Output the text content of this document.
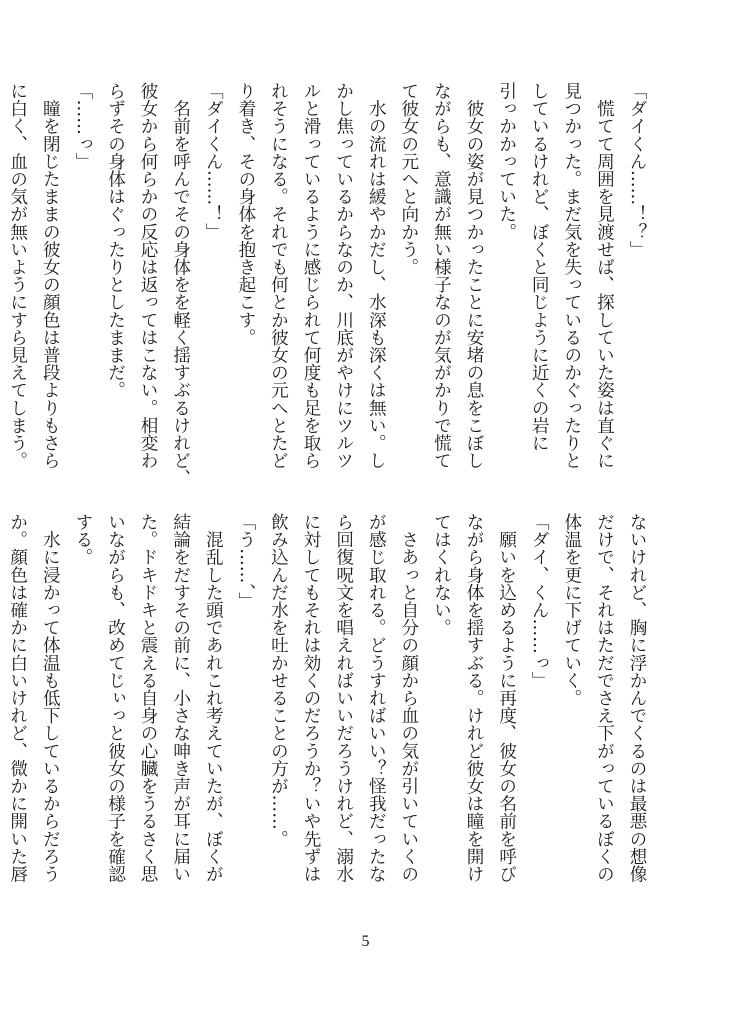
「ダイくん……！？」
　慌てて周囲を見渡せば、探していた姿は直ぐに
見つかった。まだ気を失っているのかぐったりと
しているけれど、ぼくと同じように近くの岩に
引っかかっていた。
　彼女の姿が見つかったことに安堵の息をこぼし
ながらも、意識が無い様子なのが気がかりで慌て
て彼女の元へと向かう。
　水の流れは緩やかだし、水深も深くは無い。し
かし焦っているからなのか、川底がやけにツルツ
ルと滑っているように感じられて何度も足を取ら
れそうになる。それでも何とか彼女の元へとたど
り着き、その身体を抱き起こす。
「ダイくん……！」
　名前を呼んでその身体をを軽く揺すぶるけれど、
彼女から何らかの反応は返ってはこない。相変わ
らずその身体はぐったりとしたままだ。
「……っ」
　瞳を閉じたままの彼女の顔色は普段よりもさら
に白く、血の気が無いようにすら見えてしまう。
ないけれど、胸に浮かんでくるのは最悪の想像
だけで、それはただでさえ下がっているぼくの
体温を更に下げていく。
「ダイ、くん……っ」
　願いを込めるように再度、彼女の名前を呼び
ながら身体を揺すぶる。けれど彼女は瞳を開け
てはくれない。
　さあっと自分の顔から血の気が引いていくの
が感じ取れる。どうすればいい？怪我だったな
ら回復呪文を唱えればいいだろうけれど、溺水
に対してもそれは効くのだろうか？いや先ずは
飲み込んだ水を吐かせることの方が……。
「う……、」
　混乱した頭であれこれ考えていたが、ぼくが
結論をだすその前に、小さな呻き声が耳に届い
た。ドキドキと震える自身の心臓をうるさく思
いながらも、改めてじぃっと彼女の様子を確認
する。
　水に浸かって体温も低下しているからだろう
か。顔色は確かに白いけれど、微かに開いた唇
5
